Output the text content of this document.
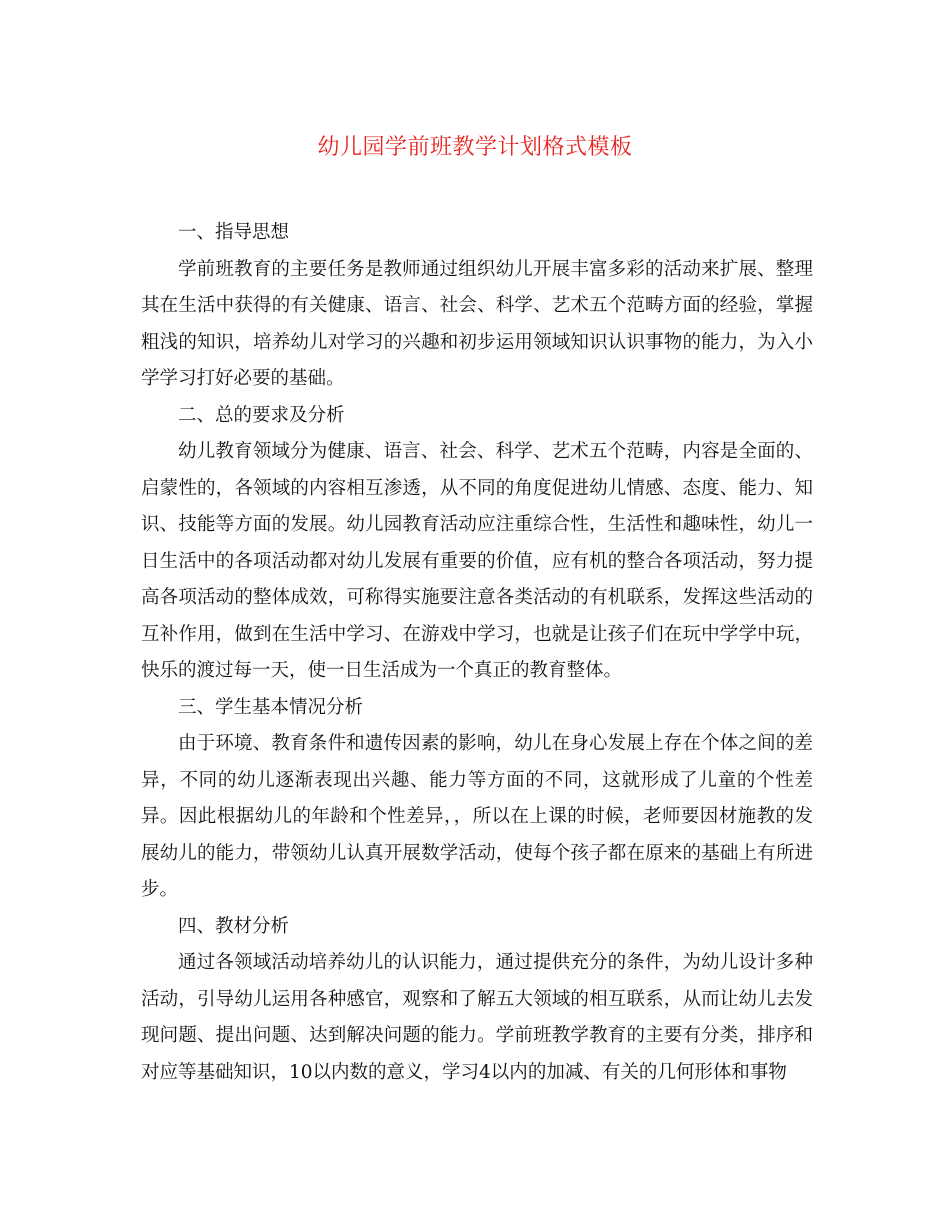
幼儿园学前班教学计划格式模板

一、指导思想

学前班教育的主要任务是教师通过组织幼儿开展丰富多彩的活动来扩展、整理其在生活中获得的有关健康、语言、社会、科学、艺术五个范畴方面的经验，掌握粗浅的知识，培养幼儿对学习的兴趣和初步运用领域知识认识事物的能力，为入小学学习打好必要的基础。

二、总的要求及分析

幼儿教育领域分为健康、语言、社会、科学、艺术五个范畴，内容是全面的、启蒙性的，各领域的内容相互渗透，从不同的角度促进幼儿情感、态度、能力、知识、技能等方面的发展。幼儿园教育活动应注重综合性，生活性和趣味性，幼儿一日生活中的各项活动都对幼儿发展有重要的价值，应有机的整合各项活动，努力提高各项活动的整体成效，可称得实施要注意各类活动的有机联系，发挥这些活动的互补作用，做到在生活中学习、在游戏中学习，也就是让孩子们在玩中学学中玩，快乐的渡过每一天，使一日生活成为一个真正的教育整体。

三、学生基本情况分析

由于环境、教育条件和遗传因素的影响，幼儿在身心发展上存在个体之间的差异，不同的幼儿逐渐表现出兴趣、能力等方面的不同，这就形成了儿童的个性差异。因此根据幼儿的年龄和个性差异，，所以在上课的时候，老师要因材施教的发展幼儿的能力，带领幼儿认真开展数学活动，使每个孩子都在原来的基础上有所进步。

四、教材分析

通过各领域活动培养幼儿的认识能力，通过提供充分的条件，为幼儿设计多种活动，引导幼儿运用各种感官，观察和了解五大领域的相互联系，从而让幼儿去发现问题、提出问题、达到解决问题的能力。学前班教学教育的主要有分类，排序和对应等基础知识，10以内数的意义，学习4以内的加减、有关的几何形体和事物
